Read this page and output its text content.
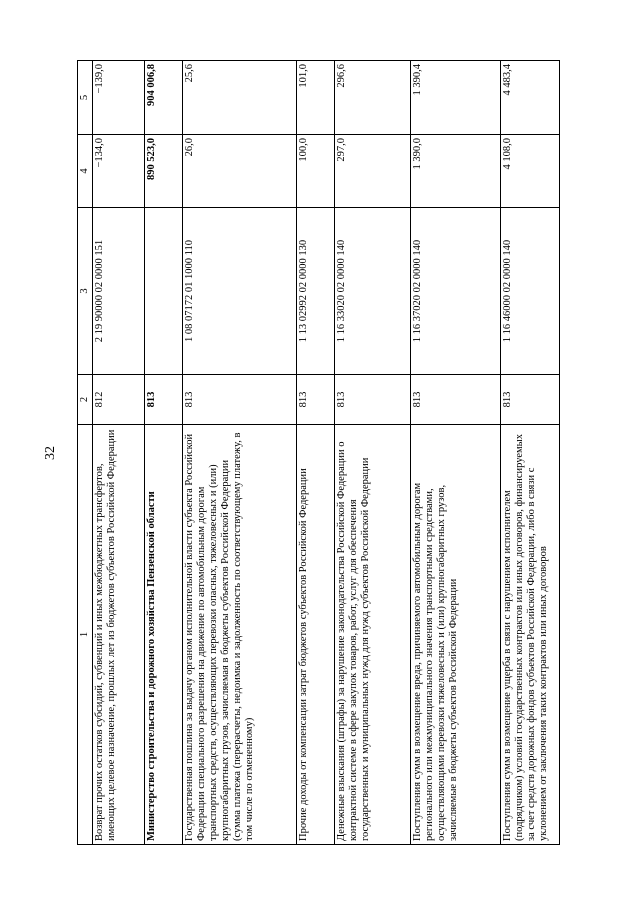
32
1	2	3	4	5
Возврат прочих остатков субсидий, субвенций и иных межбюджетных трансфертов, имеющих целевое назначение, прошлых лет из бюджетов субъектов Российской Федерации	812	2 19 90000 02 0000 151	−134,0	−139,0
Министерство строительства и дорожного хозяйства Пензенской области	813		890 523,0	904 006,8
Государственная пошлина за выдачу органом исполнительной власти субъекта Российской Федерации специального разрешения на движение по автомобильным дорогам транспортных средств, осуществляющих перевозки опасных, тяжеловесных и (или) крупногабаритных грузов, зачисляемая в бюджеты субъектов Российской Федерации (сумма платежа (перерасчеты, недоимка и задолженность по соответствующему платежу, в том числе по отмененному)	813	1 08 07172 01 1000 110	26,0	25,6
Прочие доходы от компенсации затрат бюджетов субъектов Российской Федерации	813	1 13 02992 02 0000 130	100,0	101,0
Денежные взыскания (штрафы) за нарушение законодательства Российской Федерации о контрактной системе в сфере закупок товаров, работ, услуг для обеспечения государственных и муниципальных нужд для нужд субъектов Российской Федерации	813	1 16 33020 02 0000 140	297,0	296,6
Поступления сумм в возмещение вреда, причиняемого автомобильным дорогам регионального или межмуниципального значения транспортными средствами, осуществляющими перевозки тяжеловесных и (или) крупногабаритных грузов, зачисляемые в бюджеты субъектов Российской Федерации	813	1 16 37020 02 0000 140	1 390,0	1 390,4
Поступления сумм в возмещение ущерба в связи с нарушением исполнителем (подрядчиком) условий государственных контрактов или иных договоров, финансируемых за счет средств дорожных фондов субъектов Российской Федерации, либо в связи с уклонением от заключения таких контрактов или иных договоров	813	1 16 46000 02 0000 140	4 108,0	4 483,4
